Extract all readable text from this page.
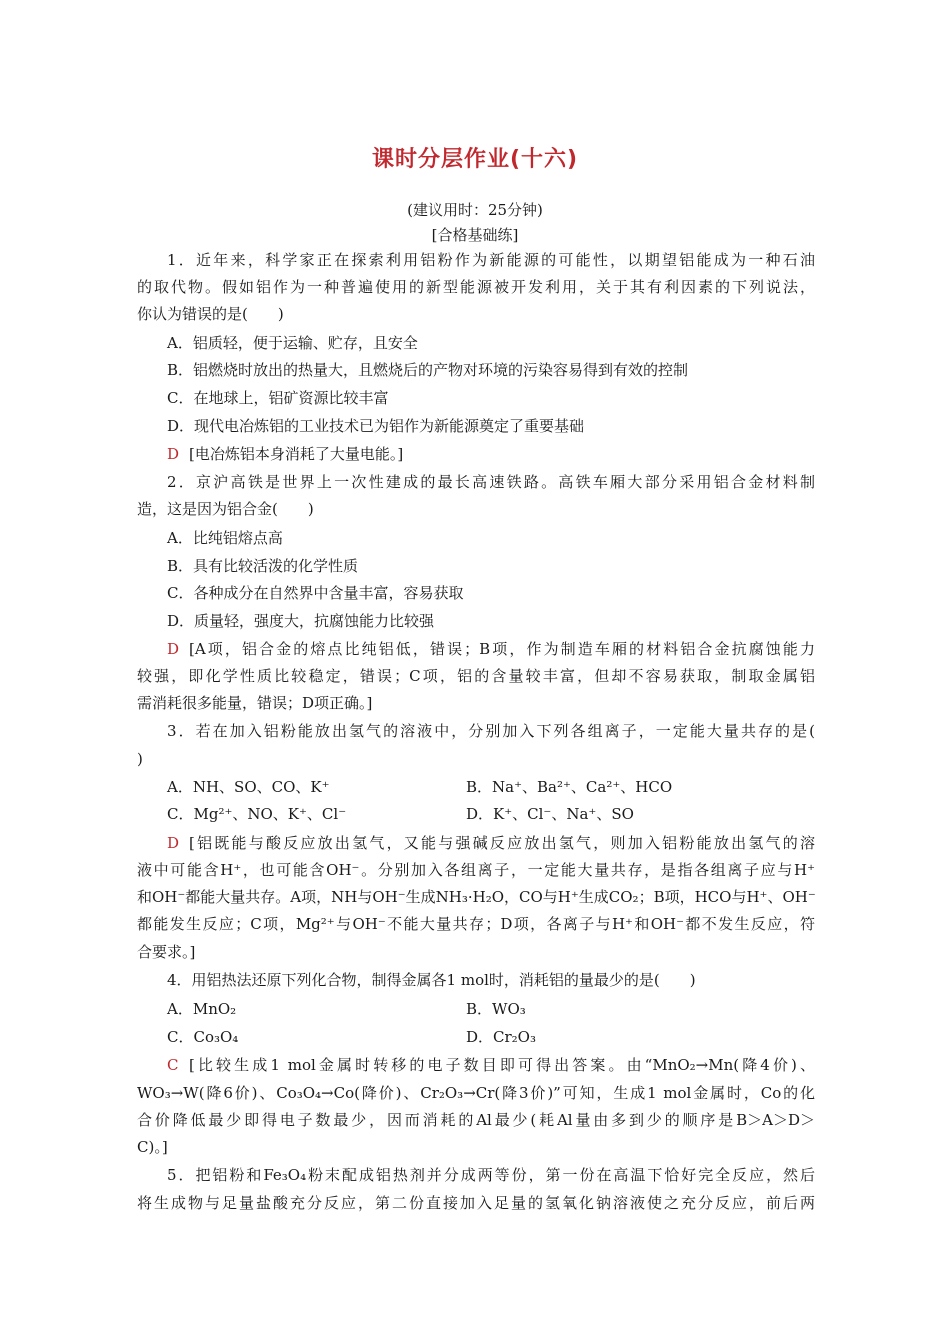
课时分层作业(十六)
(建议用时：25分钟)
[合格基础练]
1．近年来，科学家正在探索利用铝粉作为新能源的可能性，以期望铝能成为一种石油
的取代物。假如铝作为一种普遍使用的新型能源被开发利用，关于其有利因素的下列说法，
你认为错误的是(　　)
A．铝质轻，便于运输、贮存，且安全
B．铝燃烧时放出的热量大，且燃烧后的产物对环境的污染容易得到有效的控制
C．在地球上，铝矿资源比较丰富
D．现代电冶炼铝的工业技术已为铝作为新能源奠定了重要基础
D [电冶炼铝本身消耗了大量电能。]
2．京沪高铁是世界上一次性建成的最长高速铁路。高铁车厢大部分采用铝合金材料制
造，这是因为铝合金(　　)
A．比纯铝熔点高
B．具有比较活泼的化学性质
C．各种成分在自然界中含量丰富，容易获取
D．质量轻，强度大，抗腐蚀能力比较强
D [A项，铝合金的熔点比纯铝低，错误；B项，作为制造车厢的材料铝合金抗腐蚀能力
较强，即化学性质比较稳定，错误；C项，铝的含量较丰富，但却不容易获取，制取金属铝
需消耗很多能量，错误；D项正确。]
3．若在加入铝粉能放出氢气的溶液中，分别加入下列各组离子，一定能大量共存的是(
)
A．NH、SO、CO、K⁺	B．Na⁺、Ba²⁺、Ca²⁺、HCO
C．Mg²⁺、NO、K⁺、Cl⁻	D．K⁺、Cl⁻、Na⁺、SO
D [铝既能与酸反应放出氢气，又能与强碱反应放出氢气，则加入铝粉能放出氢气的溶
液中可能含H⁺，也可能含OH⁻。分别加入各组离子，一定能大量共存，是指各组离子应与H⁺
和OH⁻都能大量共存。A项，NH与OH⁻生成NH₃·H₂O，CO与H⁺生成CO₂；B项，HCO与H⁺、OH⁻
都能发生反应；C项，Mg²⁺与OH⁻不能大量共存；D项，各离子与H⁺和OH⁻都不发生反应，符
合要求。]
4．用铝热法还原下列化合物，制得金属各1 mol时，消耗铝的量最少的是(　　)
A．MnO₂	B．WO₃
C．Co₃O₄	D．Cr₂O₃
C [比较生成1 mol金属时转移的电子数目即可得出答案。由“MnO₂→Mn(降4价)、
WO₃→W(降6价)、Co₃O₄→Co(降价)、Cr₂O₃→Cr(降3价)”可知，生成1 mol金属时，Co的化
合价降低最少即得电子数最少，因而消耗的Al最少(耗Al量由多到少的顺序是B＞A＞D＞
C)。]
5．把铝粉和Fe₃O₄粉末配成铝热剂并分成两等份，第一份在高温下恰好完全反应，然后
将生成物与足量盐酸充分反应，第二份直接加入足量的氢氧化钠溶液使之充分反应，前后两
